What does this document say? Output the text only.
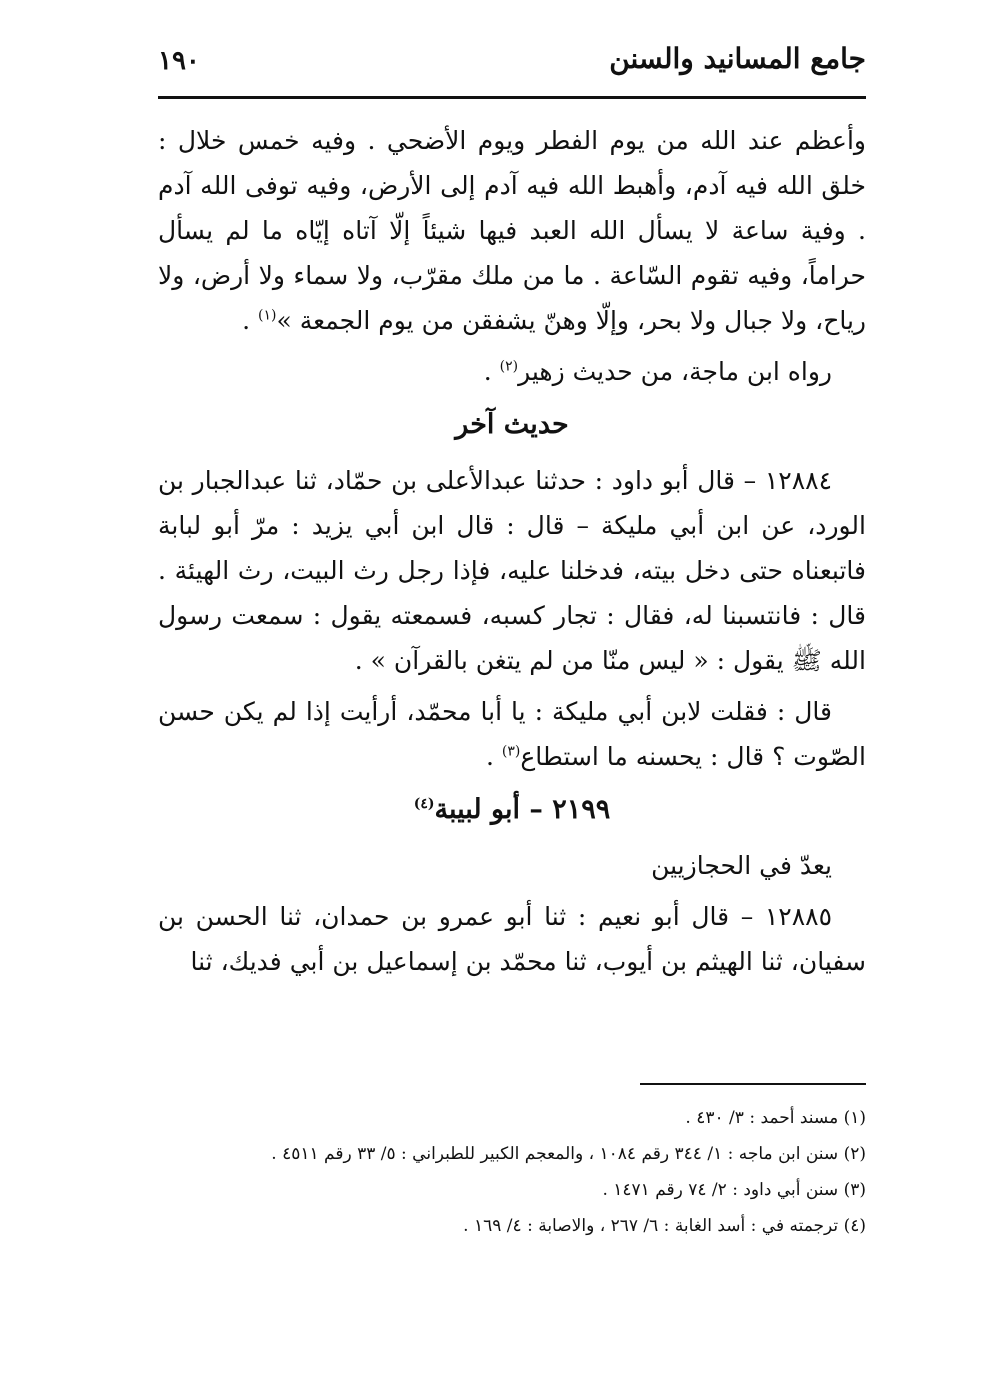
جامع المسانيد والسنن
١٩٠

وأعظم عند الله من يوم الفطر ويوم الأضحي . وفيه خمس خلال : خلق الله فيه آدم، وأهبط الله فيه آدم إلى الأرض، وفيه توفى الله آدم . وفية ساعة لا يسأل الله العبد فيها شيئاً إلّا آتاه إيّاه ما لم يسأل حراماً، وفيه تقوم السّاعة . ما من ملك مقرّب، ولا سماء ولا أرض، ولا رياح، ولا جبال ولا بحر، وإلّا وهنّ يشفقن من يوم الجمعة »$^{(١)}$ .

رواه ابن ماجة، من حديث زهير$^{(٢)}$ .

حديث آخر

١٢٨٨٤ – قال أبو داود : حدثنا عبدالأعلى بن حمّاد، ثنا عبدالجبار بن الورد، عن ابن أبي مليكة – قال : قال ابن أبي يزيد : مرّ أبو لبابة فاتبعناه حتى دخل بيته، فدخلنا عليه، فإذا رجل رث البيت، رث الهيئة . قال : فانتسبنا له، فقال : تجار كسبه، فسمعته يقول : سمعت رسول الله ﷺ يقول : « ليس منّا من لم يتغن بالقرآن » .

قال : فقلت لابن أبي مليكة : يا أبا محمّد، أرأيت إذا لم يكن حسن الصّوت ؟ قال : يحسنه ما استطاع$^{(٣)}$ .

٢١٩٩ – أبو لبيبة$^{(٤)}$

يعدّ في الحجازيين

١٢٨٨٥ – قال أبو نعيم : ثنا أبو عمرو بن حمدان، ثنا الحسن بن سفيان، ثنا الهيثم بن أيوب، ثنا محمّد بن إسماعيل بن أبي فديك، ثنا

(١) مسند أحمد : ٣/ ٤٣٠ .
(٢) سنن ابن ماجه : ١/ ٣٤٤ رقم ١٠٨٤ ، والمعجم الكبير للطبراني : ٥/ ٣٣ رقم ٤٥١١ .
(٣) سنن أبي داود : ٢/ ٧٤ رقم ١٤٧١ .
(٤) ترجمته في : أسد الغابة : ٦/ ٢٦٧ ، والاصابة : ٤/ ١٦٩ .
